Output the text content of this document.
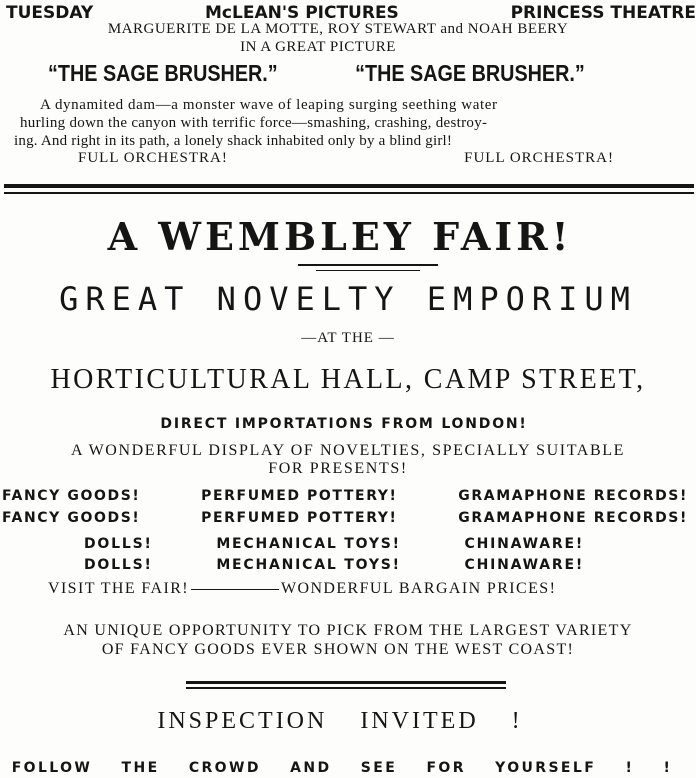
TUESDAY	McLEAN'S PICTURES	PRINCESS THEATRE
MARGUERITE DE LA MOTTE, ROY STEWART and NOAH BEERY
IN A GREAT PICTURE
“THE SAGE BRUSHER.”	“THE SAGE BRUSHER.”
A dynamited dam—a monster wave of leaping surging seething water
hurling down the canyon with terrific force—smashing, crashing, destroy-
ing. And right in its path, a lonely shack inhabited only by a blind girl!
FULL ORCHESTRA!	FULL ORCHESTRA!
A WEMBLEY FAIR!
GREAT NOVELTY EMPORIUM
—AT THE —
HORTICULTURAL HALL, CAMP STREET,
DIRECT IMPORTATIONS FROM LONDON!
A WONDERFUL DISPLAY OF NOVELTIES, SPECIALLY SUITABLE
FOR PRESENTS!
FANCY GOODS!	PERFUMED POTTERY!	GRAMAPHONE RECORDS!
FANCY GOODS!	PERFUMED POTTERY!	GRAMAPHONE RECORDS!
DOLLS!	MECHANICAL TOYS!	CHINAWARE!
DOLLS!	MECHANICAL TOYS!	CHINAWARE!
VISIT THE FAIR!	WONDERFUL BARGAIN PRICES!
AN UNIQUE OPPORTUNITY TO PICK FROM THE LARGEST VARIETY
OF FANCY GOODS EVER SHOWN ON THE WEST COAST!
INSPECTION INVITED !
FOLLOW THE CROWD AND SEE FOR YOURSELF ! !
